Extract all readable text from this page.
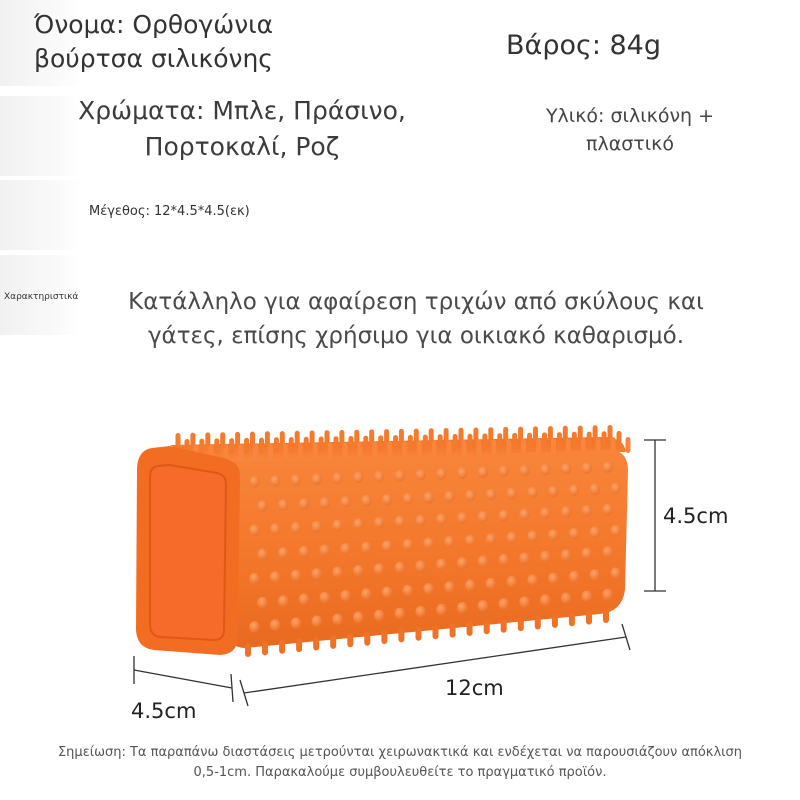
Όνομα: Ορθογώνια
βούρτσα σιλικόνης	Βάρος: 84g

Χρώματα: Μπλε, Πράσινο,
Πορτοκαλί, Ροζ

Υλικό: σιλικόνη +
πλαστικό

Μέγεθος: 12*4.5*4.5(εκ)

Χαρακτηριστικά	Κατάλληλο για αφαίρεση τριχών από σκύλους και
γάτες, επίσης χρήσιμο για οικιακό καθαρισμό.

4.5cm

12cm

4.5cm

Σημείωση: Τα παραπάνω διαστάσεις μετρούνται χειρωνακτικά και ενδέχεται να παρουσιάζουν απόκλιση
0,5-1cm. Παρακαλούμε συμβουλευθείτε το πραγματικό προϊόν.
